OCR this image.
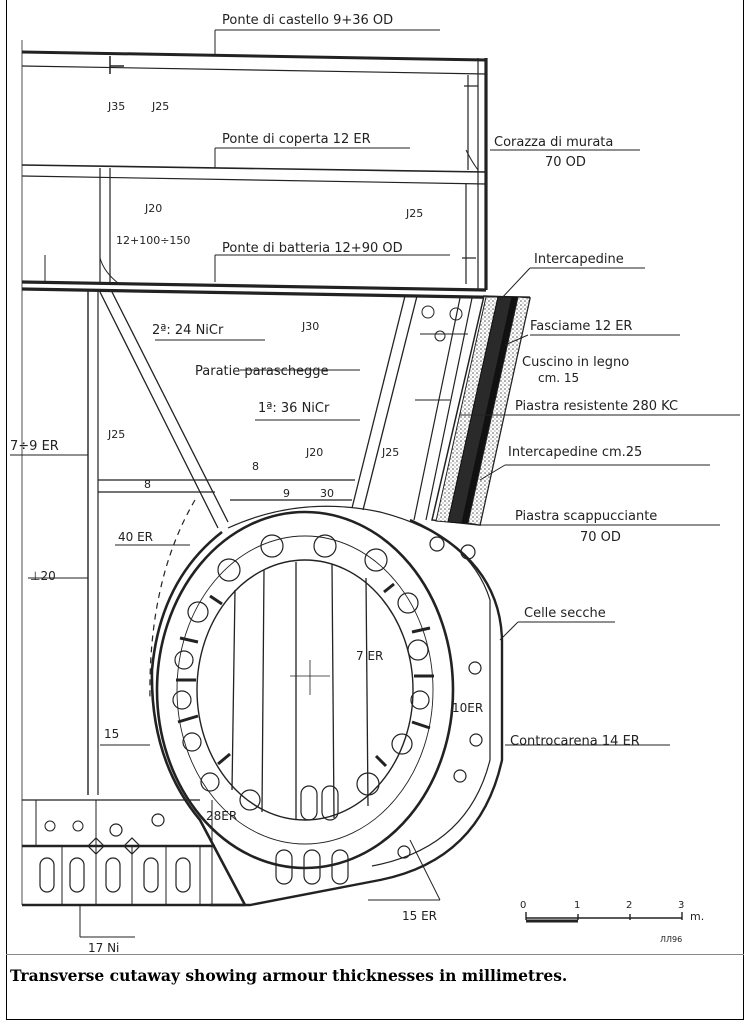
Ponte di castello 9+36 OD
J35 J25
Ponte di coperta 12 ER	Corazza di murata
70 OD
J20	J25
12+100÷150
Ponte di batteria 12+90 OD
Intercapedine
Fasciame 12 ER
J30
2ª: 24 NiCr
Cuscino in legno
cm. 15
Paratie paraschegge
1ª: 36 NiCr	Piastra resistente 280 KC
7÷9 ER
J25
J20	J25	Intercapedine cm.25
8
8
9	30
Piastra scappucciante
70 OD
40 ER
Celle secche
⊥20
7 ER
10ER
15	Controcarena 14 ER
28ER
15 ER
17 Ni
0	1	2	3
m.
ЛЛ96
Transverse cutaway showing armour thicknesses in millimetres.
